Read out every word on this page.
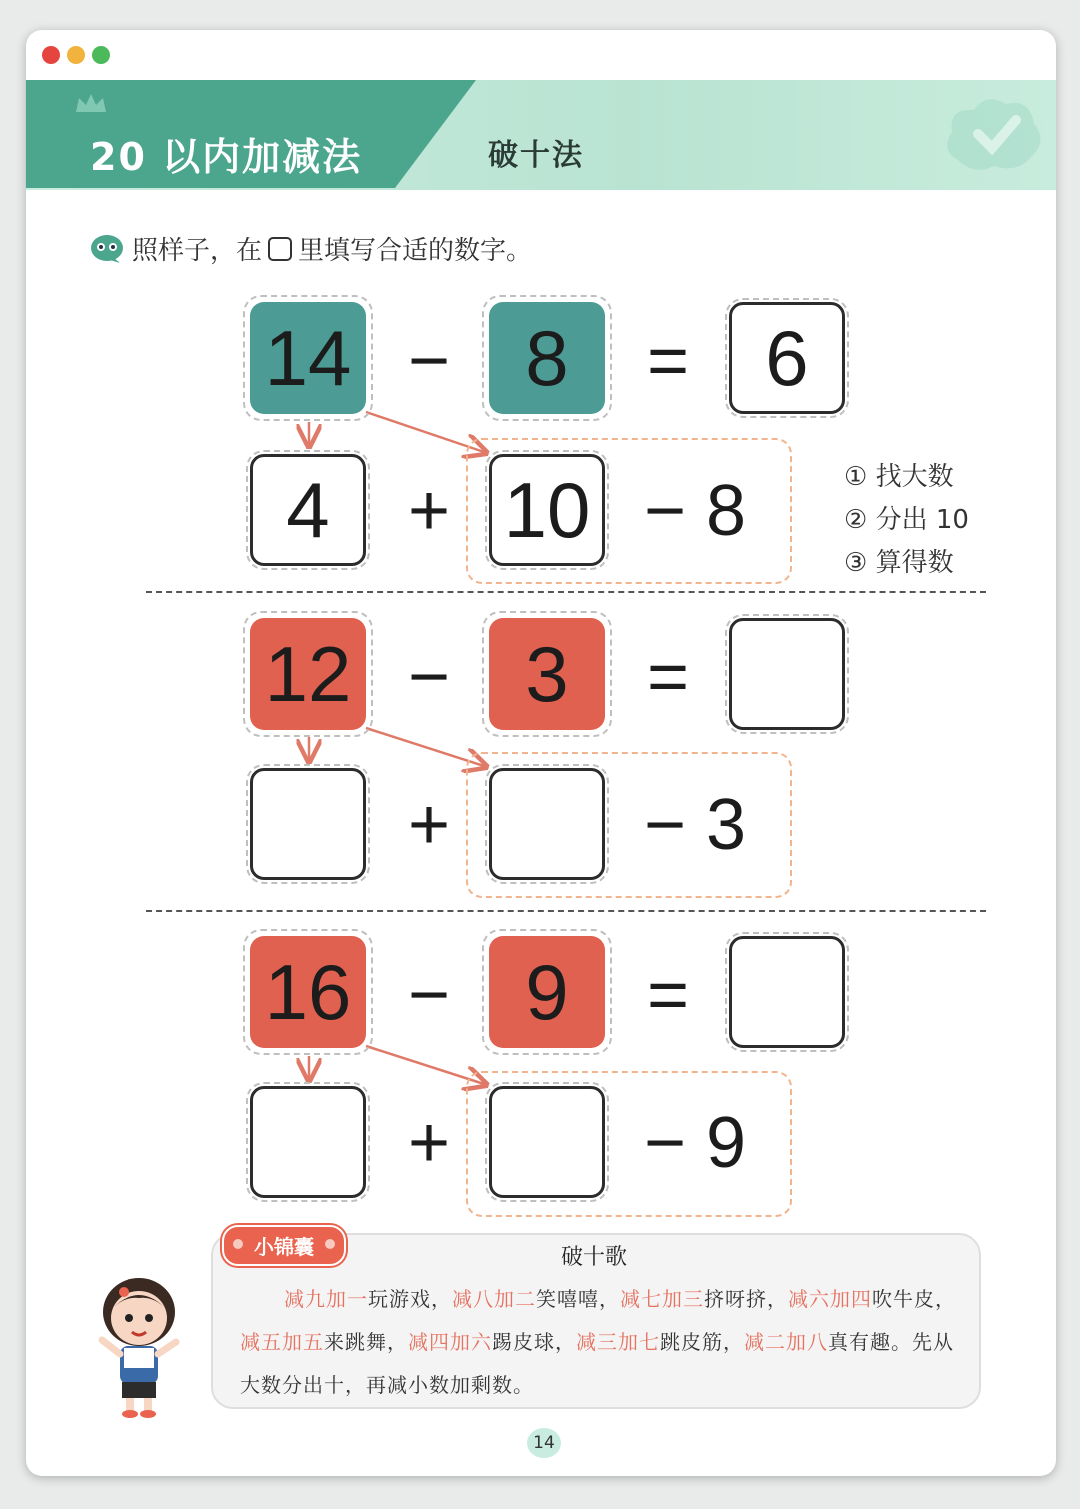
20 以内加减法	破十法
照样子，在 里填写合适的数字。
14 − 8	= 6
4	+ 10 − 8	① 找大数
② 分出 10
③ 算得数
12 − 3	=
+	− 3
16 − 9	=
+	− 9
小锦囊	破十歌
减九加一玩游戏，减八加二笑嘻嘻，减七加三挤呀挤，减六加四吹牛皮，减五加五来跳舞，减四加六踢皮球，减三加七跳皮筋，减二加八真有趣。先从大数分出十，再减小数加剩数。
14
